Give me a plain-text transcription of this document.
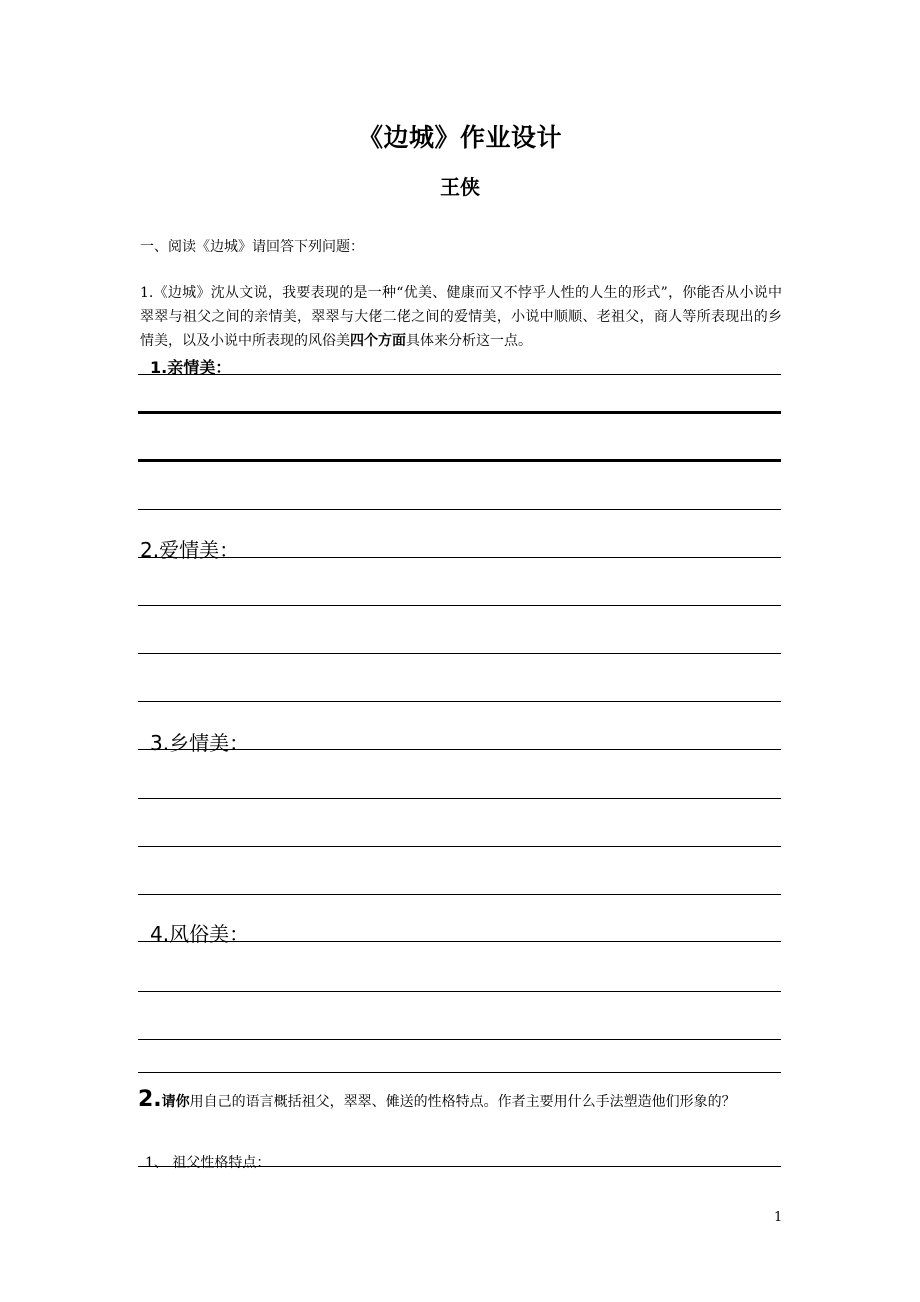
《边城》作业设计
王侠
一、阅读《边城》请回答下列问题：
1.《边城》沈从文说，我要表现的是一种“优美、健康而又不悖乎人性的人生的形式”，你能否从小说中翠翠与祖父之间的亲情美，翠翠与大佬二佬之间的爱情美，小说中顺顺、老祖父，商人等所表现出的乡情美，以及小说中所表现的风俗美四个方面具体来分析这一点。
1.亲情美：
2.爱情美：
3.乡情美：
4.风俗美：
2.请你用自己的语言概括祖父，翠翠、傩送的性格特点。作者主要用什么手法塑造他们形象的？
1、 祖父性格特点：
1
